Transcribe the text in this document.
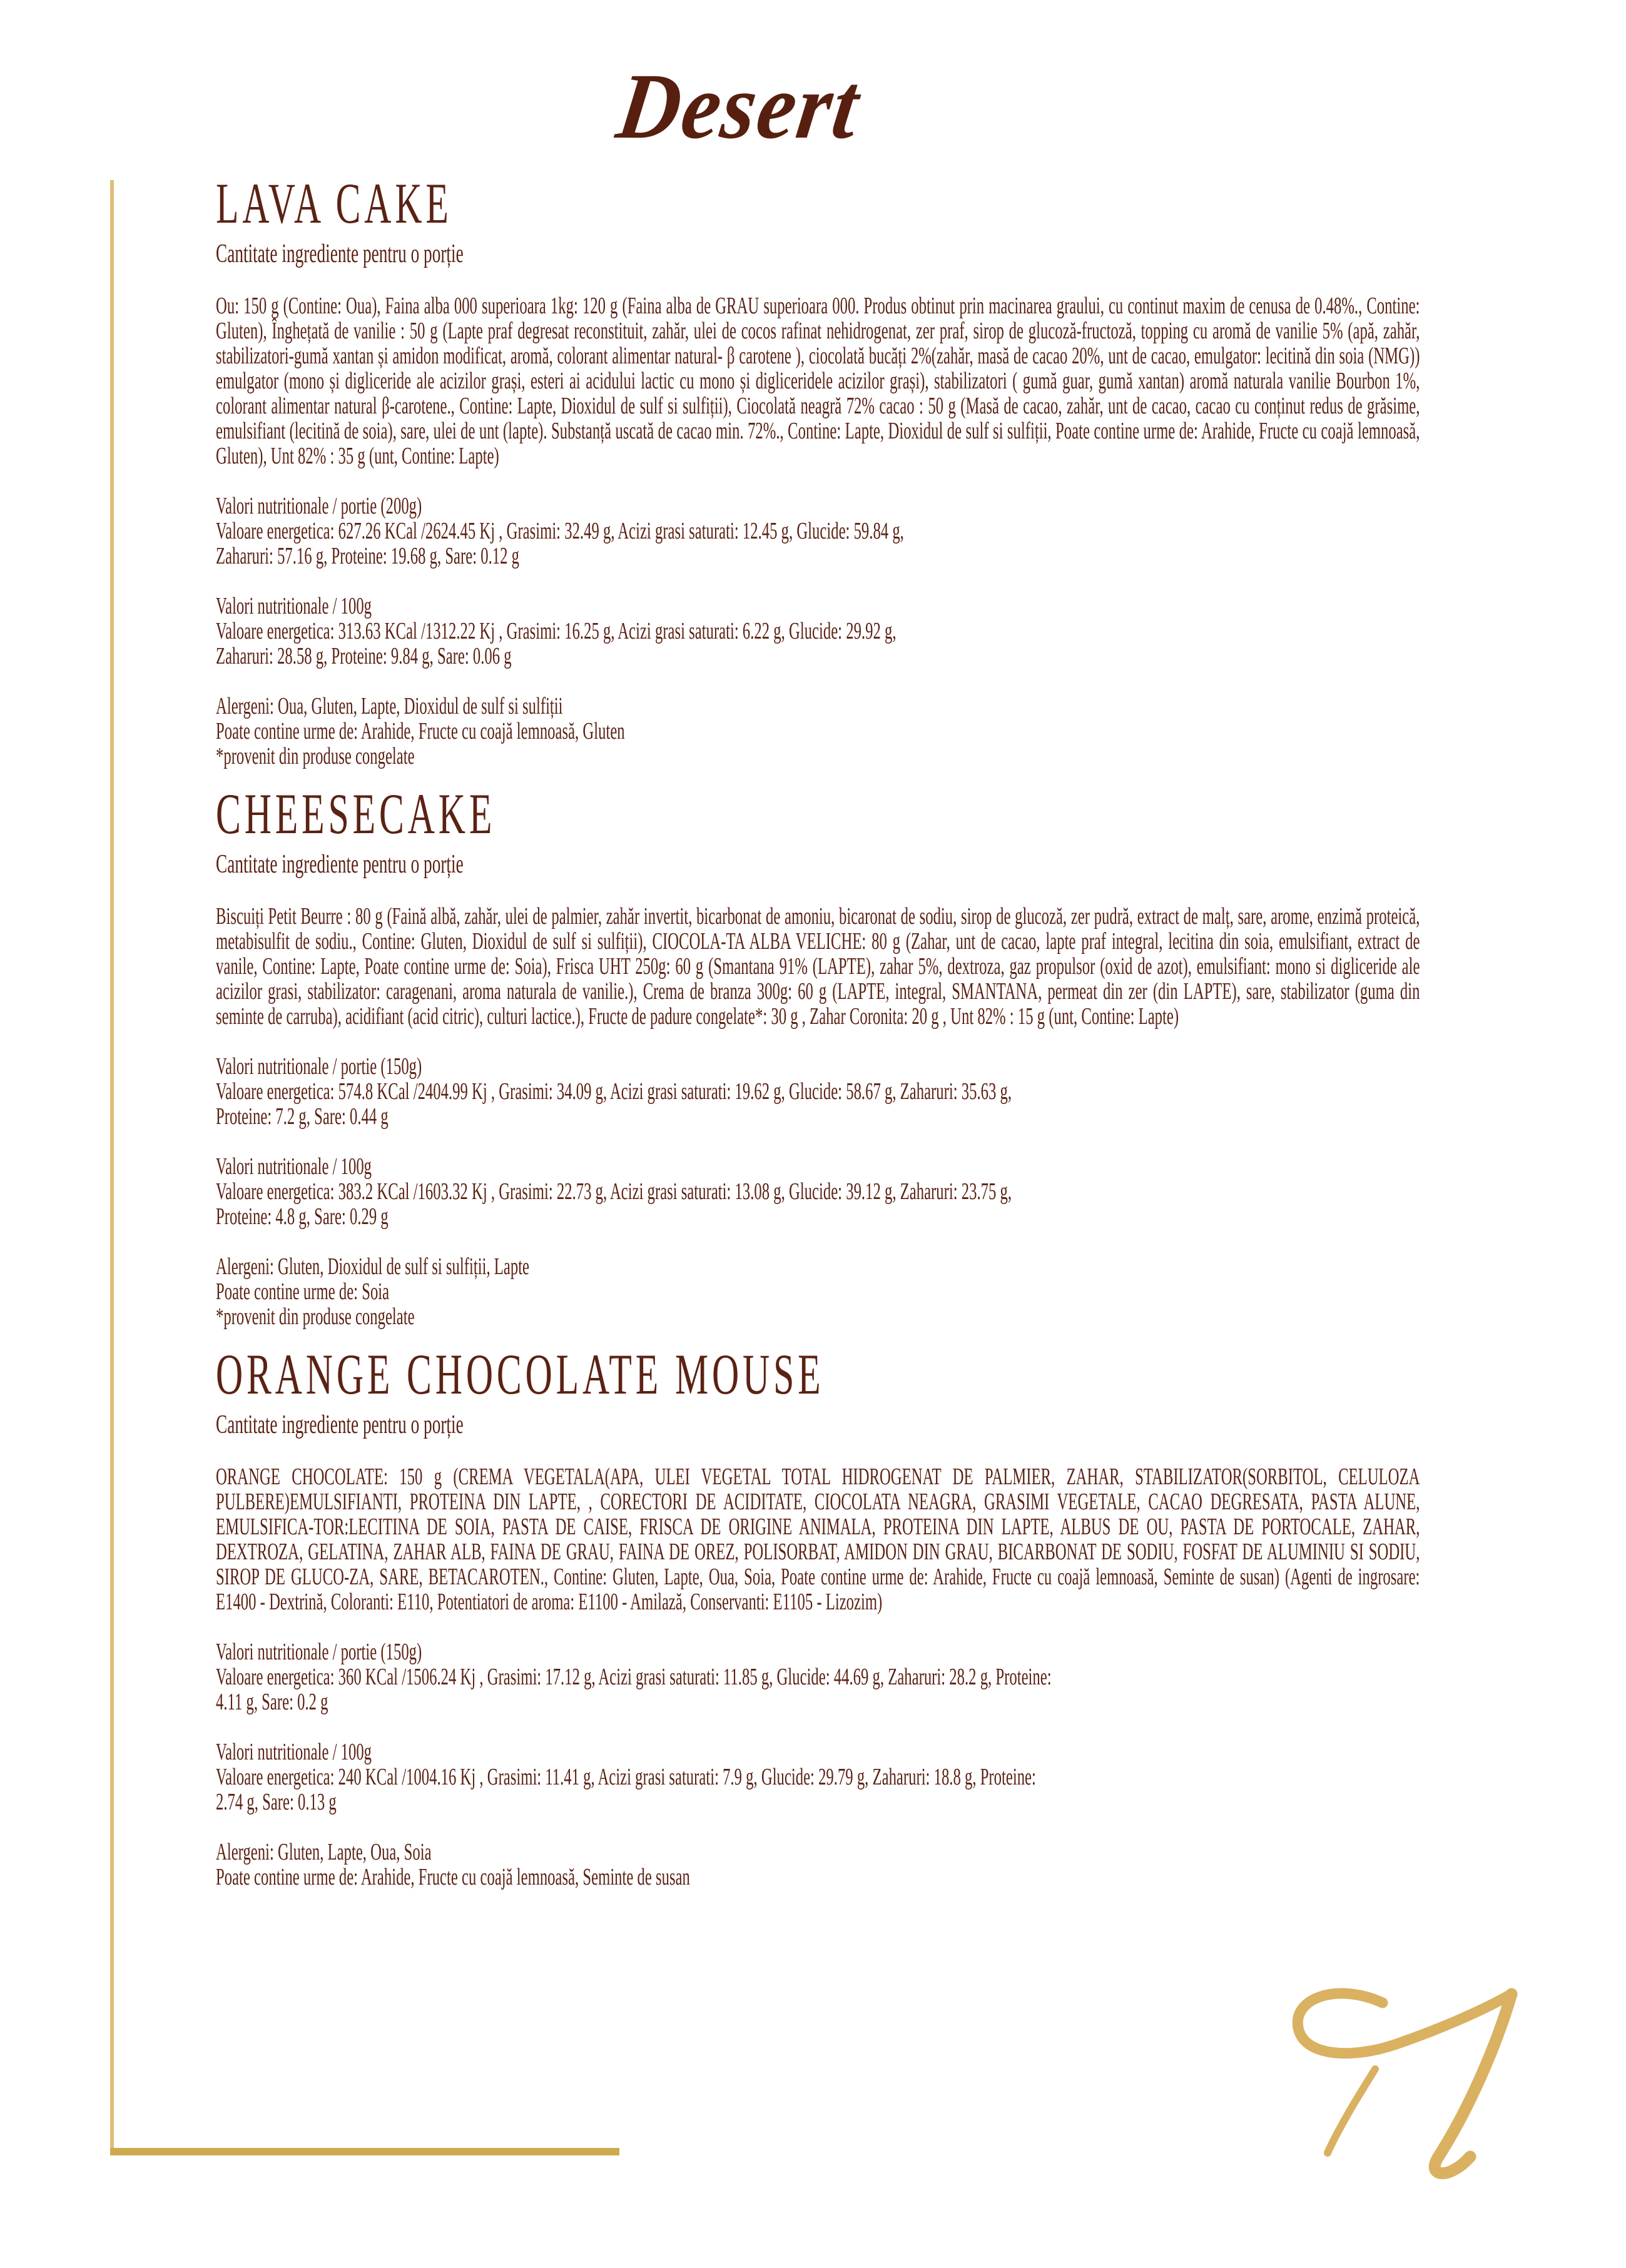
Desert
LAVA CAKE
Cantitate ingrediente pentru o porție
Ou: 150 g (Contine: Oua), Faina alba 000 superioara 1kg: 120 g (Faina alba de GRAU superioara 000. Produs obtinut prin macinarea graului, cu continut maxim de cenusa de 0.48%., Contine: Gluten), Înghețată de vanilie : 50 g (Lapte praf degresat reconstituit, zahăr, ulei de cocos rafinat nehidrogenat, zer praf, sirop de glucoză-fructoză, topping cu aromă de vanilie 5% (apă, zahăr, stabilizatori-gumă xantan și amidon modificat, aromă, colorant alimentar natural- β carotene ), ciocolată bucăți 2%(zahăr, masă de cacao 20%, unt de cacao, emulgator: lecitină din soia (NMG)) emulgator (mono și digliceride ale acizilor grași, esteri ai acidului lactic cu mono și digliceridele acizilor grași), stabilizatori ( gumă guar, gumă xantan) aromă naturala vanilie Bourbon 1%, colorant alimentar natural β-carotene., Contine: Lapte, Dioxidul de sulf si sulfiții), Ciocolată neagră 72% cacao : 50 g (Masă de cacao, zahăr, unt de cacao, cacao cu conținut redus de grăsime, emulsifiant (lecitină de soia), sare, ulei de unt (lapte). Substanță uscată de cacao min. 72%., Contine: Lapte, Dioxidul de sulf si sulfiții, Poate contine urme de: Arahide, Fructe cu coajă lemnoasă, Gluten), Unt 82% : 35 g (unt, Contine: Lapte)
Valori nutritionale / portie (200g)
Valoare energetica: 627.26 KCal /2624.45 Kj , Grasimi: 32.49 g, Acizi grasi saturati: 12.45 g, Glucide: 59.84 g,
Zaharuri: 57.16 g, Proteine: 19.68 g, Sare: 0.12 g
Valori nutritionale / 100g
Valoare energetica: 313.63 KCal /1312.22 Kj , Grasimi: 16.25 g, Acizi grasi saturati: 6.22 g, Glucide: 29.92 g,
Zaharuri: 28.58 g, Proteine: 9.84 g, Sare: 0.06 g
Alergeni: Oua, Gluten, Lapte, Dioxidul de sulf si sulfiții
Poate contine urme de: Arahide, Fructe cu coajă lemnoasă, Gluten
*provenit din produse congelate
CHEESECAKE
Cantitate ingrediente pentru o porție
Biscuiți Petit Beurre : 80 g (Faină albă, zahăr, ulei de palmier, zahăr invertit, bicarbonat de amoniu, bicaronat de sodiu, sirop de glucoză, zer pudră, extract de malț, sare, arome, enzimă proteică, metabisulfit de sodiu., Contine: Gluten, Dioxidul de sulf si sulfiții), CIOCOLA-TA ALBA VELICHE: 80 g (Zahar, unt de cacao, lapte praf integral, lecitina din soia, emulsifiant, extract de vanile, Contine: Lapte, Poate contine urme de: Soia), Frisca UHT 250g: 60 g (Smantana 91% (LAPTE), zahar 5%, dextroza, gaz propulsor (oxid de azot), emulsifiant: mono si digliceride ale acizilor grasi, stabilizator: caragenani, aroma naturala de vanilie.), Crema de branza 300g: 60 g (LAPTE, integral, SMANTANA, permeat din zer (din LAPTE), sare, stabilizator (guma din seminte de carruba), acidifiant (acid citric), culturi lactice.), Fructe de padure congelate*: 30 g , Zahar Coronita: 20 g , Unt 82% : 15 g (unt, Contine: Lapte)
Valori nutritionale / portie (150g)
Valoare energetica: 574.8 KCal /2404.99 Kj , Grasimi: 34.09 g, Acizi grasi saturati: 19.62 g, Glucide: 58.67 g, Zaharuri: 35.63 g,
Proteine: 7.2 g, Sare: 0.44 g
Valori nutritionale / 100g
Valoare energetica: 383.2 KCal /1603.32 Kj , Grasimi: 22.73 g, Acizi grasi saturati: 13.08 g, Glucide: 39.12 g, Zaharuri: 23.75 g,
Proteine: 4.8 g, Sare: 0.29 g
Alergeni: Gluten, Dioxidul de sulf si sulfiții, Lapte
Poate contine urme de: Soia
*provenit din produse congelate
ORANGE CHOCOLATE MOUSE
Cantitate ingrediente pentru o porție
ORANGE CHOCOLATE: 150 g (CREMA VEGETALA(APA, ULEI VEGETAL TOTAL HIDROGENAT DE PALMIER, ZAHAR, STABILIZATOR(SORBITOL, CELULOZA PULBERE)EMULSIFIANTI, PROTEINA DIN LAPTE, , CORECTORI DE ACIDITATE, CIOCOLATA NEAGRA, GRASIMI VEGETALE, CACAO DEGRESATA, PASTA ALUNE, EMULSIFICA-TOR:LECITINA DE SOIA, PASTA DE CAISE, FRISCA DE ORIGINE ANIMALA, PROTEINA DIN LAPTE, ALBUS DE OU, PASTA DE PORTOCALE, ZAHAR, DEXTROZA, GELATINA, ZAHAR ALB, FAINA DE GRAU, FAINA DE OREZ, POLISORBAT, AMIDON DIN GRAU, BICARBONAT DE SODIU, FOSFAT DE ALUMINIU SI SODIU, SIROP DE GLUCO-ZA, SARE, BETACAROTEN., Contine: Gluten, Lapte, Oua, Soia, Poate contine urme de: Arahide, Fructe cu coajă lemnoasă, Seminte de susan) (Agenti de ingrosare: E1400 - Dextrină, Coloranti: E110, Potentiatori de aroma: E1100 - Amilază, Conservanti: E1105 - Lizozim)
Valori nutritionale / portie (150g)
Valoare energetica: 360 KCal /1506.24 Kj , Grasimi: 17.12 g, Acizi grasi saturati: 11.85 g, Glucide: 44.69 g, Zaharuri: 28.2 g, Proteine:
4.11 g, Sare: 0.2 g
Valori nutritionale / 100g
Valoare energetica: 240 KCal /1004.16 Kj , Grasimi: 11.41 g, Acizi grasi saturati: 7.9 g, Glucide: 29.79 g, Zaharuri: 18.8 g, Proteine:
2.74 g, Sare: 0.13 g
Alergeni: Gluten, Lapte, Oua, Soia
Poate contine urme de: Arahide, Fructe cu coajă lemnoasă, Seminte de susan
